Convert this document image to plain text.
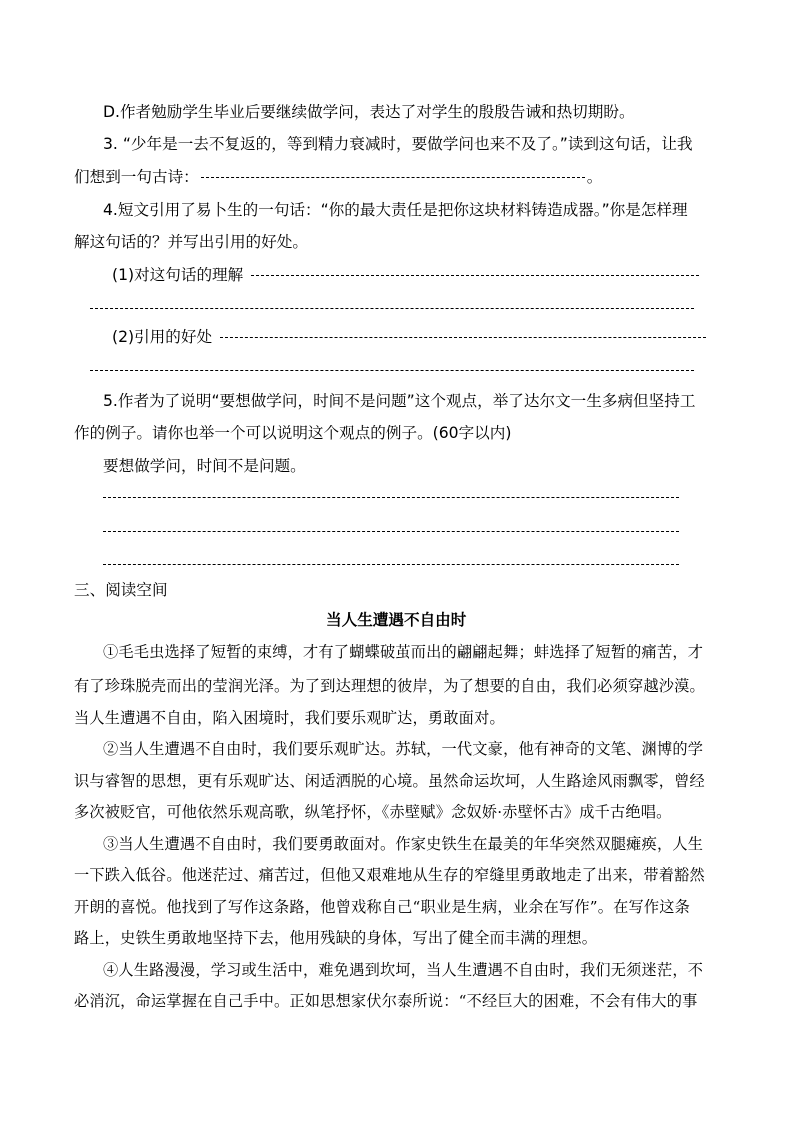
D.作者勉励学生毕业后要继续做学问，表达了对学生的殷殷告诫和热切期盼。
3. “少年是一去不复返的，等到精力衰减时，要做学问也来不及了。”读到这句话，让我
们想到一句古诗：	。
4.短文引用了易卜生的一句话：“你的最大责任是把你这块材料铸造成器。”你是怎样理
解这句话的？并写出引用的好处。
(1)对这句话的理解
(2)引用的好处
5.作者为了说明“要想做学问，时间不是问题”这个观点，举了达尔文一生多病但坚持工
作的例子。请你也举一个可以说明这个观点的例子。(60字以内)
要想做学问，时间不是问题。
三、阅读空间
当人生遭遇不自由时
①毛毛虫选择了短暂的束缚，才有了蝴蝶破茧而出的翩翩起舞；蚌选择了短暂的痛苦，才
有了珍珠脱壳而出的莹润光泽。为了到达理想的彼岸，为了想要的自由，我们必须穿越沙漠。
当人生遭遇不自由，陷入困境时，我们要乐观旷达，勇敢面对。
②当人生遭遇不自由时，我们要乐观旷达。苏轼，一代文豪，他有神奇的文笔、渊博的学
识与睿智的思想，更有乐观旷达、闲适洒脱的心境。虽然命运坎坷，人生路途风雨飘零，曾经
多次被贬官，可他依然乐观高歌，纵笔抒怀，《赤壁赋》念奴娇·赤壁怀古》成千古绝唱。
③当人生遭遇不自由时，我们要勇敢面对。作家史铁生在最美的年华突然双腿瘫痪，人生
一下跌入低谷。他迷茫过、痛苦过，但他又艰难地从生存的窄缝里勇敢地走了出来，带着豁然
开朗的喜悦。他找到了写作这条路，他曾戏称自己“职业是生病，业余在写作”。在写作这条
路上，史铁生勇敢地坚持下去，他用残缺的身体，写出了健全而丰满的理想。
④人生路漫漫，学习或生活中，难免遇到坎坷，当人生遭遇不自由时，我们无须迷茫，不
必消沉，命运掌握在自己手中。正如思想家伏尔泰所说：“不经巨大的困难，不会有伟大的事
